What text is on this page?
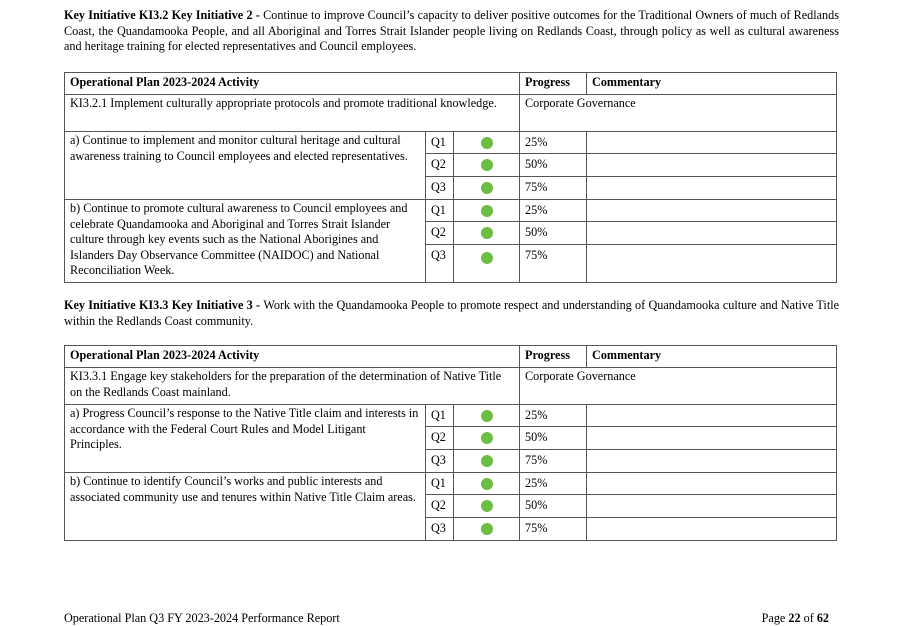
Key Initiative KI3.2 Key Initiative 2 - Continue to improve Council’s capacity to deliver positive outcomes for the Traditional Owners of much of Redlands Coast, the Quandamooka People, and all Aboriginal and Torres Strait Islander people living on Redlands Coast, through policy as well as cultural awareness and heritage training for elected representatives and Council employees.
Operational Plan 2023-2024 Activity			Progress	Commentary
KI3.2.1 Implement culturally appropriate protocols and promote traditional knowledge.			Corporate Governance	
a) Continue to implement and monitor cultural heritage and cultural awareness training to Council employees and elected representatives.	Q1		25%	
	Q2		50%	
	Q3		75%	
b) Continue to promote cultural awareness to Council employees and celebrate Quandamooka and Aboriginal and Torres Strait Islander culture through key events such as the National Aborigines and Islanders Day Observance Committee (NAIDOC) and National Reconciliation Week.	Q1		25%	
	Q2		50%	
	Q3		75%	
Key Initiative KI3.3 Key Initiative 3 - Work with the Quandamooka People to promote respect and understanding of Quandamooka culture and Native Title within the Redlands Coast community.
Operational Plan 2023-2024 Activity			Progress	Commentary
KI3.3.1 Engage key stakeholders for the preparation of the determination of Native Title on the Redlands Coast mainland.			Corporate Governance	
a) Progress Council’s response to the Native Title claim and interests in accordance with the Federal Court Rules and Model Litigant Principles.	Q1		25%	
	Q2		50%	
	Q3		75%	
b) Continue to identify Council’s works and public interests and associated community use and tenures within Native Title Claim areas.	Q1		25%	
	Q2		50%	
	Q3		75%	
Operational Plan Q3 FY 2023-2024 Performance Report	Page 22 of 62
